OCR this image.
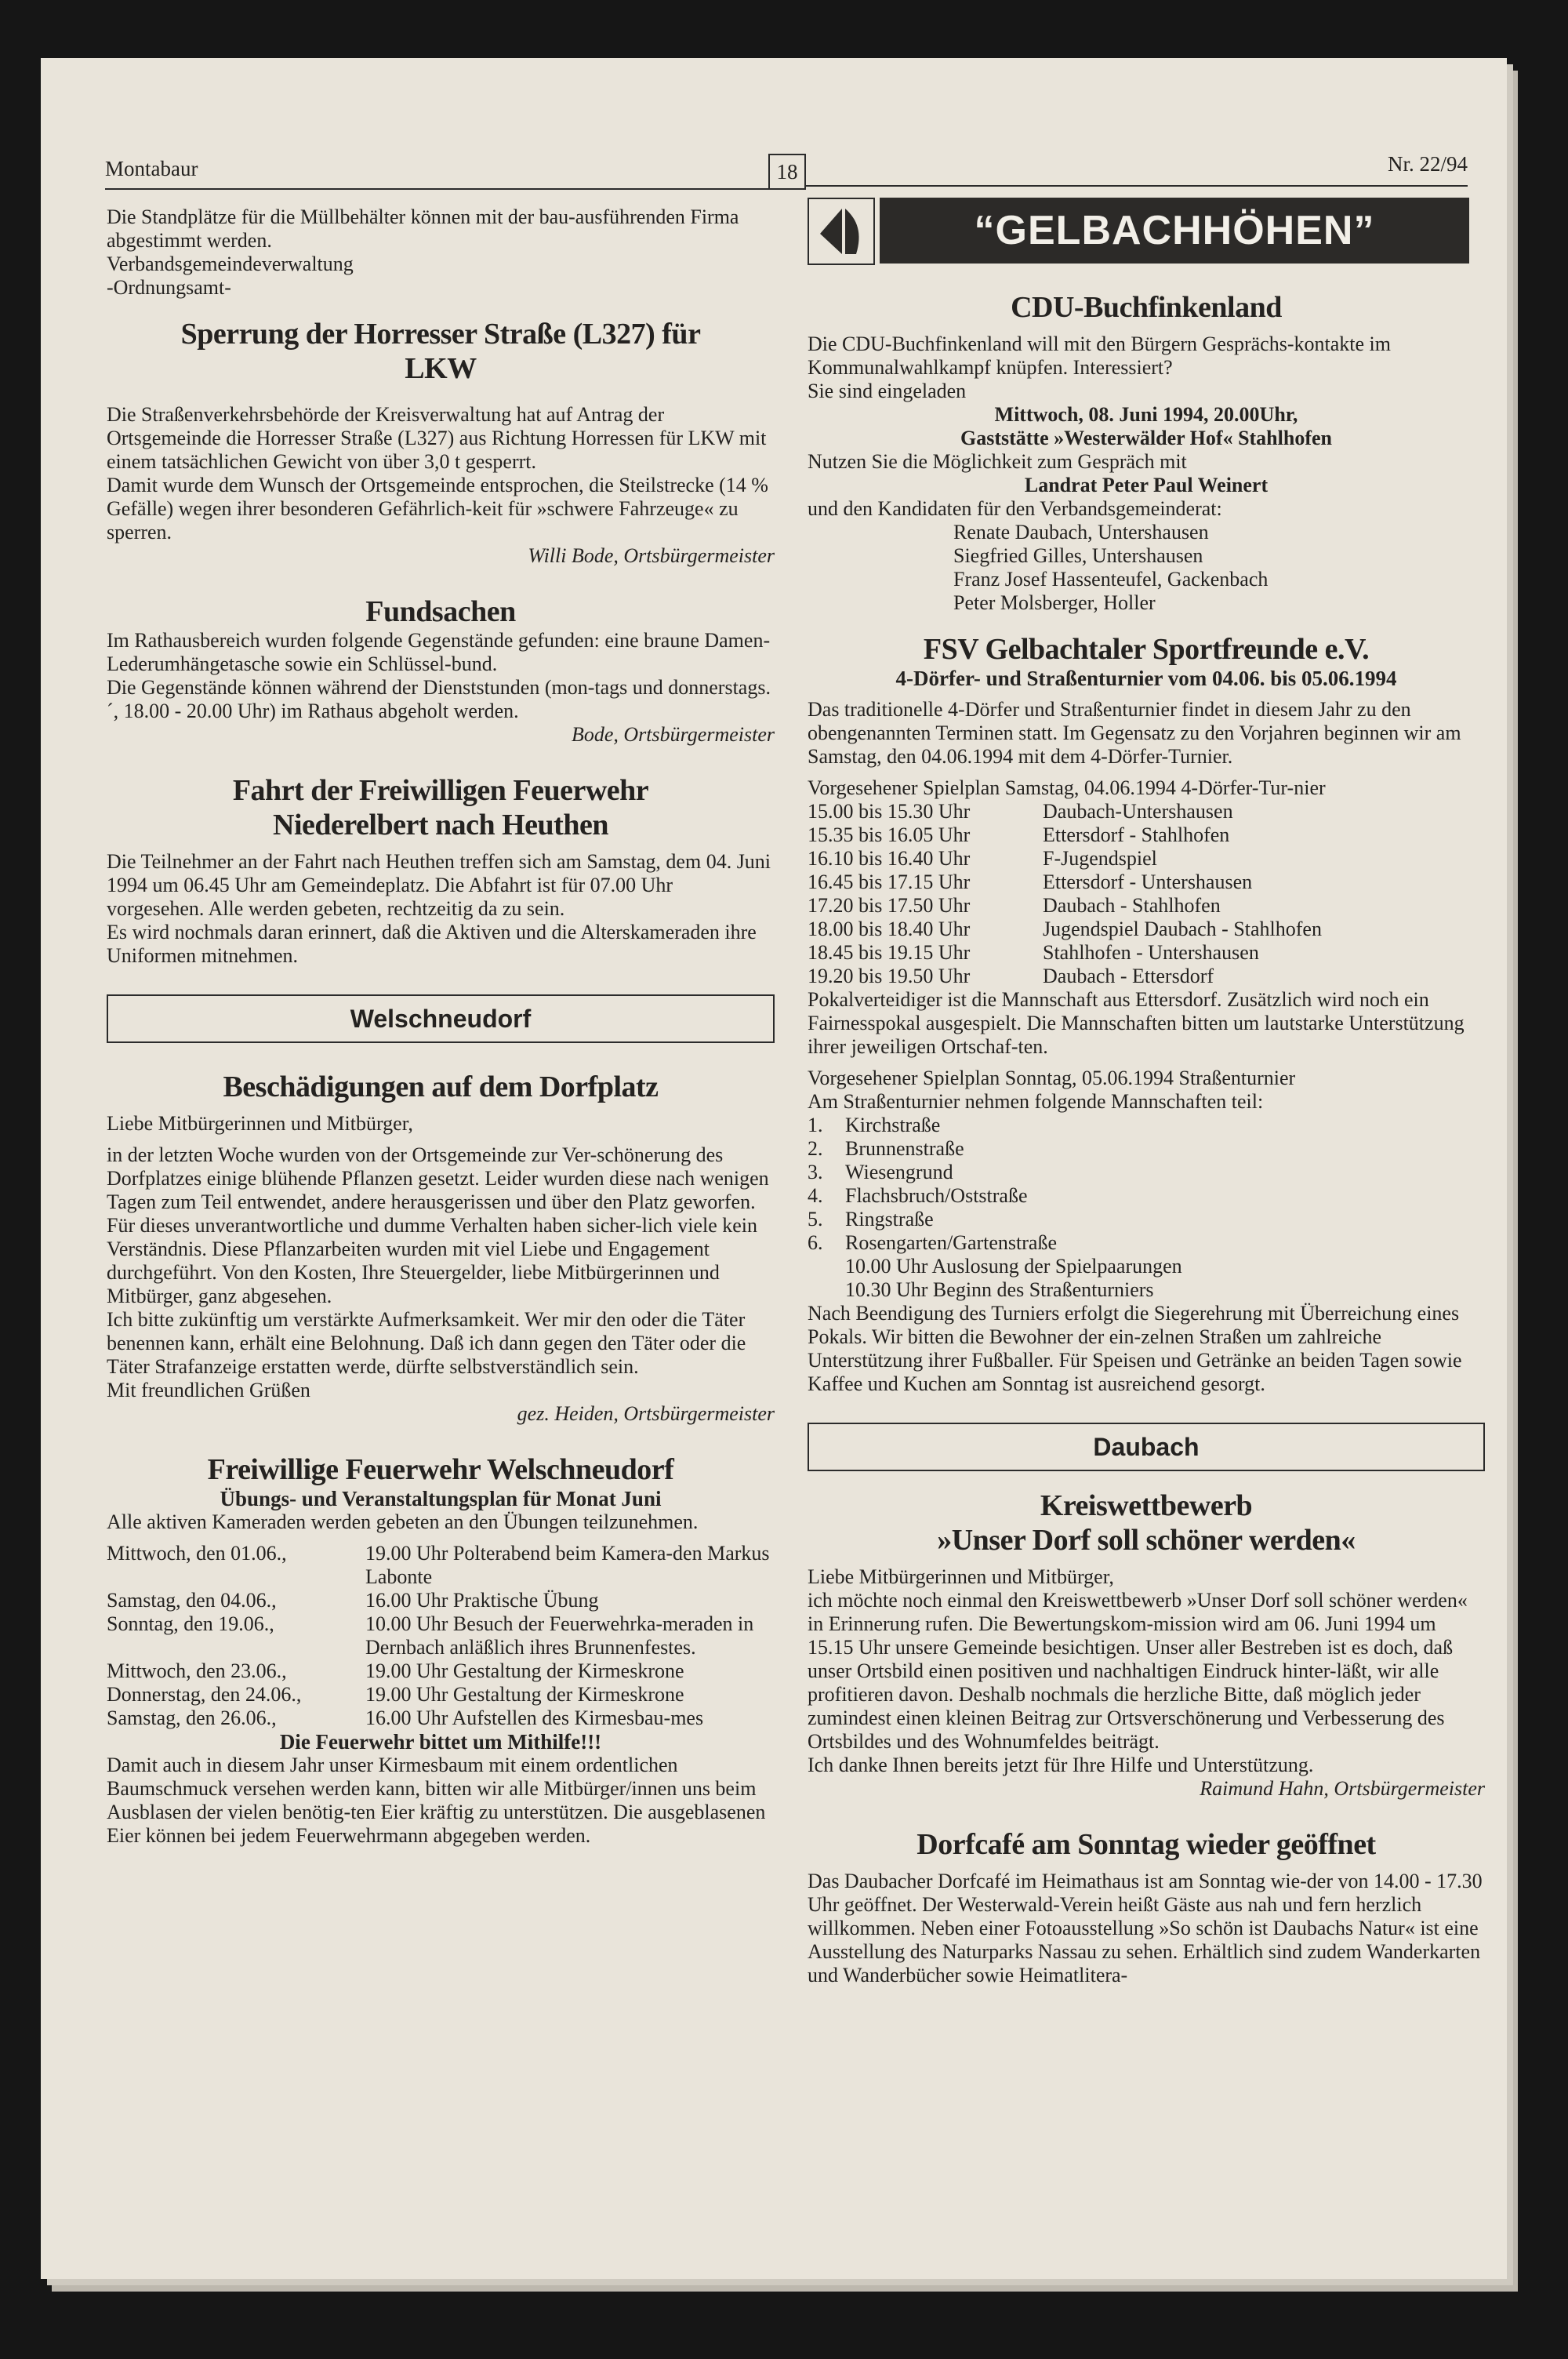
Montabaur	18	Nr. 22/94
“GELBACHHÖHEN”

Die Standplätze für die Müllbehälter können mit der bau-ausführenden Firma abgestimmt werden.

Verbandsgemeindeverwaltung

-Ordnungsamt-

Sperrung der Horresser Straße (L327) für LKW

Die Straßenverkehrsbehörde der Kreisverwaltung hat auf Antrag der Ortsgemeinde die Horresser Straße (L327) aus Richtung Horressen für LKW mit einem tatsächlichen Gewicht von über 3,0 t gesperrt.

Damit wurde dem Wunsch der Ortsgemeinde entsprochen, die Steilstrecke (14 % Gefälle) wegen ihrer besonderen Gefährlich-keit für »schwere Fahrzeuge« zu sperren.

Willi Bode, Ortsbürgermeister

Fundsachen

Im Rathausbereich wurden folgende Gegenstände gefunden: eine braune Damen-Lederumhängetasche sowie ein Schlüssel-bund.

Die Gegenstände können während der Dienststunden (mon-tags und donnerstags.´, 18.00 - 20.00 Uhr) im Rathaus abgeholt werden.

Bode, Ortsbürgermeister

Fahrt der Freiwilligen Feuerwehr Niederelbert nach Heuthen

Die Teilnehmer an der Fahrt nach Heuthen treffen sich am Samstag, dem 04. Juni 1994 um 06.45 Uhr am Gemeindeplatz. Die Abfahrt ist für 07.00 Uhr vorgesehen. Alle werden gebeten, rechtzeitig da zu sein.

Es wird nochmals daran erinnert, daß die Aktiven und die Alterskameraden ihre Uniformen mitnehmen.

Welschneudorf

Beschädigungen auf dem Dorfplatz

Liebe Mitbürgerinnen und Mitbürger,

in der letzten Woche wurden von der Ortsgemeinde zur Ver-schönerung des Dorfplatzes einige blühende Pflanzen gesetzt. Leider wurden diese nach wenigen Tagen zum Teil entwendet, andere herausgerissen und über den Platz geworfen. Für dieses unverantwortliche und dumme Verhalten haben sicher-lich viele kein Verständnis. Diese Pflanzarbeiten wurden mit viel Liebe und Engagement durchgeführt. Von den Kosten, Ihre Steuergelder, liebe Mitbürgerinnen und Mitbürger, ganz abgesehen.

Ich bitte zukünftig um verstärkte Aufmerksamkeit. Wer mir den oder die Täter benennen kann, erhält eine Belohnung. Daß ich dann gegen den Täter oder die Täter Strafanzeige erstatten werde, dürfte selbstverständlich sein.

Mit freundlichen Grüßen

gez. Heiden, Ortsbürgermeister

Freiwillige Feuerwehr Welschneudorf

Übungs- und Veranstaltungsplan für Monat Juni

Alle aktiven Kameraden werden gebeten an den Übungen teilzunehmen.

Mittwoch, den 01.06.,	19.00 Uhr Polterabend beim Kamera-den Markus Labonte
Samstag, den 04.06.,	16.00 Uhr Praktische Übung
Sonntag, den 19.06.,	10.00 Uhr Besuch der Feuerwehrka-meraden in Dernbach anläßlich ihres Brunnenfestes.
Mittwoch, den 23.06.,	19.00 Uhr Gestaltung der Kirmeskrone
Donnerstag, den 24.06.,	19.00 Uhr Gestaltung der Kirmeskrone
Samstag, den 26.06.,	16.00 Uhr Aufstellen des Kirmesbau-mes

Die Feuerwehr bittet um Mithilfe!!!

Damit auch in diesem Jahr unser Kirmesbaum mit einem ordentlichen Baumschmuck versehen werden kann, bitten wir alle Mitbürger/innen uns beim Ausblasen der vielen benötig-ten Eier kräftig zu unterstützen. Die ausgeblasenen Eier können bei jedem Feuerwehrmann abgegeben werden.

CDU-Buchfinkenland

Die CDU-Buchfinkenland will mit den Bürgern Gesprächs-kontakte im Kommunalwahlkampf knüpfen. Interessiert?

Sie sind eingeladen

Mittwoch, 08. Juni 1994, 20.00Uhr,

Gaststätte »Westerwälder Hof« Stahlhofen

Nutzen Sie die Möglichkeit zum Gespräch mit

Landrat Peter Paul Weinert

und den Kandidaten für den Verbandsgemeinderat:

Renate Daubach, Untershausen

Siegfried Gilles, Untershausen

Franz Josef Hassenteufel, Gackenbach

Peter Molsberger, Holler

FSV Gelbachtaler Sportfreunde e.V.

4-Dörfer- und Straßenturnier vom 04.06. bis 05.06.1994

Das traditionelle 4-Dörfer und Straßenturnier findet in diesem Jahr zu den obengenannten Terminen statt. Im Gegensatz zu den Vorjahren beginnen wir am Samstag, den 04.06.1994 mit dem 4-Dörfer-Turnier.

Vorgesehener Spielplan Samstag, 04.06.1994 4-Dörfer-Tur-nier

15.00 bis 15.30 Uhr	Daubach-Untershausen
15.35 bis 16.05 Uhr	Ettersdorf - Stahlhofen
16.10 bis 16.40 Uhr	F-Jugendspiel
16.45 bis 17.15 Uhr	Ettersdorf - Untershausen
17.20 bis 17.50 Uhr	Daubach - Stahlhofen
18.00 bis 18.40 Uhr	Jugendspiel Daubach - Stahlhofen
18.45 bis 19.15 Uhr	Stahlhofen - Untershausen
19.20 bis 19.50 Uhr	Daubach - Ettersdorf

Pokalverteidiger ist die Mannschaft aus Ettersdorf. Zusätzlich wird noch ein Fairnesspokal ausgespielt. Die Mannschaften bitten um lautstarke Unterstützung ihrer jeweiligen Ortschaf-ten.

Vorgesehener Spielplan Sonntag, 05.06.1994 Straßenturnier

Am Straßenturnier nehmen folgende Mannschaften teil:

1.	Kirchstraße
2.	Brunnenstraße
3.	Wiesengrund
4.	Flachsbruch/Oststraße
5.	Ringstraße
6.	Rosengarten/Gartenstraße

10.00 Uhr Auslosung der Spielpaarungen

10.30 Uhr Beginn des Straßenturniers

Nach Beendigung des Turniers erfolgt die Siegerehrung mit Überreichung eines Pokals. Wir bitten die Bewohner der ein-zelnen Straßen um zahlreiche Unterstützung ihrer Fußballer. Für Speisen und Getränke an beiden Tagen sowie Kaffee und Kuchen am Sonntag ist ausreichend gesorgt.

Daubach

Kreiswettbewerb

»Unser Dorf soll schöner werden«

Liebe Mitbürgerinnen und Mitbürger,

ich möchte noch einmal den Kreiswettbewerb »Unser Dorf soll schöner werden« in Erinnerung rufen. Die Bewertungskom-mission wird am 06. Juni 1994 um 15.15 Uhr unsere Gemeinde besichtigen. Unser aller Bestreben ist es doch, daß unser Ortsbild einen positiven und nachhaltigen Eindruck hinter-läßt, wir alle profitieren davon. Deshalb nochmals die herzliche Bitte, daß möglich jeder zumindest einen kleinen Beitrag zur Ortsverschönerung und Verbesserung des Ortsbildes und des Wohnumfeldes beiträgt.

Ich danke Ihnen bereits jetzt für Ihre Hilfe und Unterstützung.

Raimund Hahn, Ortsbürgermeister

Dorfcafé am Sonntag wieder geöffnet

Das Daubacher Dorfcafé im Heimathaus ist am Sonntag wie-der von 14.00 - 17.30 Uhr geöffnet. Der Westerwald-Verein heißt Gäste aus nah und fern herzlich willkommen. Neben einer Fotoausstellung »So schön ist Daubachs Natur« ist eine Ausstellung des Naturparks Nassau zu sehen. Erhältlich sind zudem Wanderkarten und Wanderbücher sowie Heimatlitera-
